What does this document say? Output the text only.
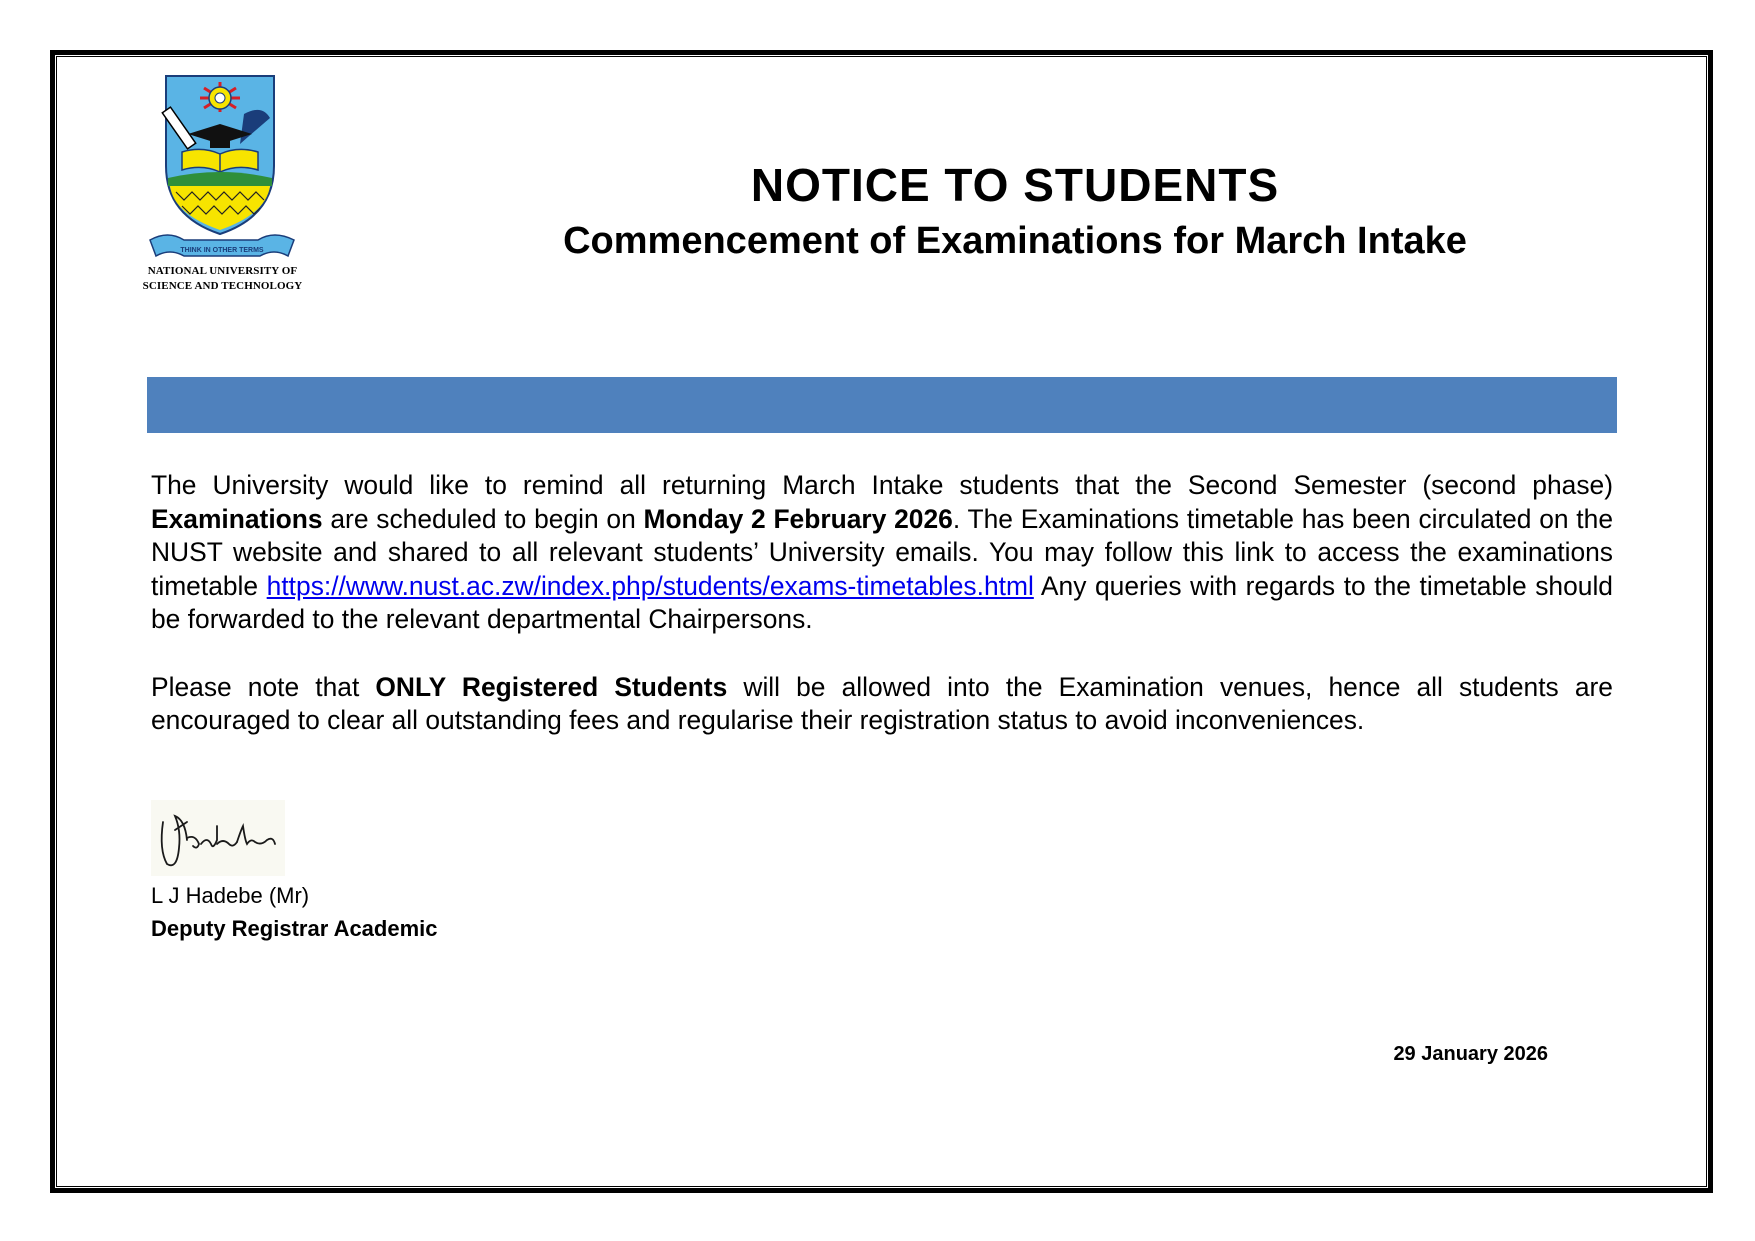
THINK IN OTHER TERMS
NATIONAL UNIVERSITY OF
SCIENCE AND TECHNOLOGY
NOTICE TO STUDENTS
Commencement of Examinations for March Intake

The University would like to remind all returning March Intake students that the Second Semester (second phase) Examinations are scheduled to begin on Monday 2 February 2026. The Examinations timetable has been circulated on the NUST website and shared to all relevant students’ University emails. You may follow this link to access the examinations timetable https://www.nust.ac.zw/index.php/students/exams-timetables.html Any queries with regards to the timetable should be forwarded to the relevant departmental Chairpersons.

Please note that ONLY Registered Students will be allowed into the Examination venues, hence all students are encouraged to clear all outstanding fees and regularise their registration status to avoid inconveniences.

L J Hadebe (Mr)

Deputy Registrar Academic

29 January 2026
